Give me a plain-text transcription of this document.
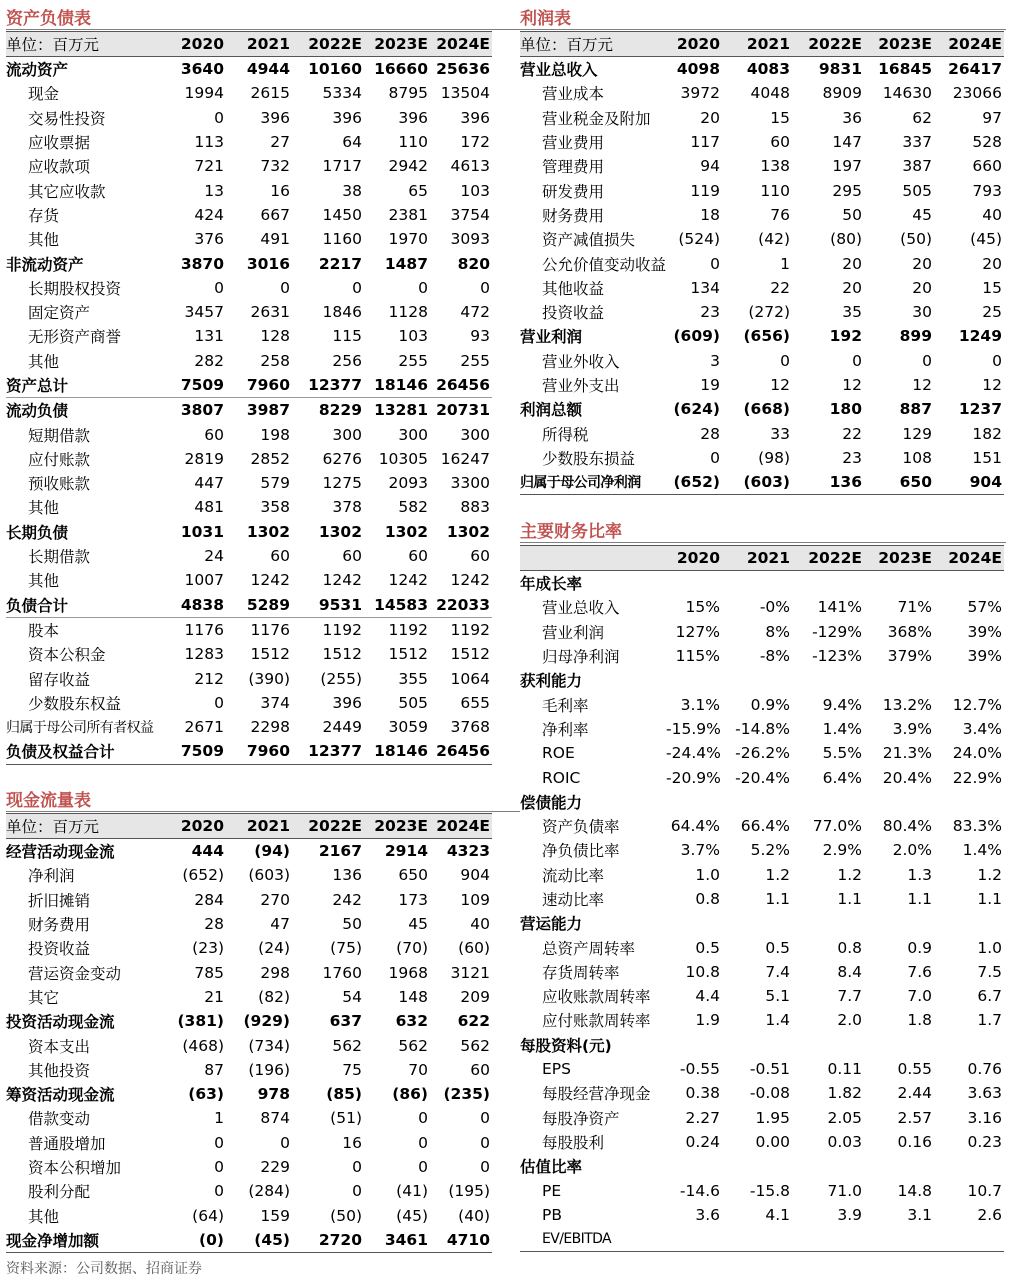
资产负债表
单位：百万元	2020	2021	2022E	2023E	2024E
流动资产	3640	4944	10160	16660	25636
现金	1994	2615	5334	8795	13504
交易性投资	0	396	396	396	396
应收票据	113	27	64	110	172
应收款项	721	732	1717	2942	4613
其它应收款	13	16	38	65	103
存货	424	667	1450	2381	3754
其他	376	491	1160	1970	3093
非流动资产	3870	3016	2217	1487	820
长期股权投资	0	0	0	0	0
固定资产	3457	2631	1846	1128	472
无形资产商誉	131	128	115	103	93
其他	282	258	256	255	255
资产总计	7509	7960	12377	18146	26456
流动负债	3807	3987	8229	13281	20731
短期借款	60	198	300	300	300
应付账款	2819	2852	6276	10305	16247
预收账款	447	579	1275	2093	3300
其他	481	358	378	582	883
长期负债	1031	1302	1302	1302	1302
长期借款	24	60	60	60	60
其他	1007	1242	1242	1242	1242
负债合计	4838	5289	9531	14583	22033
股本	1176	1176	1192	1192	1192
资本公积金	1283	1512	1512	1512	1512
留存收益	212	(390)	(255)	355	1064
少数股东权益	0	374	396	505	655
归属于母公司所有者权益	2671	2298	2449	3059	3768
负债及权益合计	7509	7960	12377	18146	26456
现金流量表
单位：百万元	2020	2021	2022E	2023E	2024E
经营活动现金流	444	(94)	2167	2914	4323
净利润	(652)	(603)	136	650	904
折旧摊销	284	270	242	173	109
财务费用	28	47	50	45	40
投资收益	(23)	(24)	(75)	(70)	(60)
营运资金变动	785	298	1760	1968	3121
其它	21	(82)	54	148	209
投资活动现金流	(381)	(929)	637	632	622
资本支出	(468)	(734)	562	562	562
其他投资	87	(196)	75	70	60
筹资活动现金流	(63)	978	(85)	(86)	(235)
借款变动	1	874	(51)	0	0
普通股增加	0	0	16	0	0
资本公积增加	0	229	0	0	0
股利分配	0	(284)	0	(41)	(195)
其他	(64)	159	(50)	(45)	(40)
现金净增加额	(0)	(45)	2720	3461	4710
利润表
单位：百万元	2020	2021	2022E	2023E	2024E
营业总收入	4098	4083	9831	16845	26417
营业成本	3972	4048	8909	14630	23066
营业税金及附加	20	15	36	62	97
营业费用	117	60	147	337	528
管理费用	94	138	197	387	660
研发费用	119	110	295	505	793
财务费用	18	76	50	45	40
资产减值损失	(524)	(42)	(80)	(50)	(45)
公允价值变动收益	0	1	20	20	20
其他收益	134	22	20	20	15
投资收益	23	(272)	35	30	25
营业利润	(609)	(656)	192	899	1249
营业外收入	3	0	0	0	0
营业外支出	19	12	12	12	12
利润总额	(624)	(668)	180	887	1237
所得税	28	33	22	129	182
少数股东损益	0	(98)	23	108	151
归属于母公司净利润	(652)	(603)	136	650	904
主要财务比率
	2020	2021	2022E	2023E	2024E
年成长率					
营业总收入	15%	-0%	141%	71%	57%
营业利润	127%	8%	-129%	368%	39%
归母净利润	115%	-8%	-123%	379%	39%
获利能力					
毛利率	3.1%	0.9%	9.4%	13.2%	12.7%
净利率	-15.9%	-14.8%	1.4%	3.9%	3.4%
ROE	-24.4%	-26.2%	5.5%	21.3%	24.0%
ROIC	-20.9%	-20.4%	6.4%	20.4%	22.9%
偿债能力					
资产负债率	64.4%	66.4%	77.0%	80.4%	83.3%
净负债比率	3.7%	5.2%	2.9%	2.0%	1.4%
流动比率	1.0	1.2	1.2	1.3	1.2
速动比率	0.8	1.1	1.1	1.1	1.1
营运能力					
总资产周转率	0.5	0.5	0.8	0.9	1.0
存货周转率	10.8	7.4	8.4	7.6	7.5
应收账款周转率	4.4	5.1	7.7	7.0	6.7
应付账款周转率	1.9	1.4	2.0	1.8	1.7
每股资料(元)					
EPS	-0.55	-0.51	0.11	0.55	0.76
每股经营净现金	0.38	-0.08	1.82	2.44	3.63
每股净资产	2.27	1.95	2.05	2.57	3.16
每股股利	0.24	0.00	0.03	0.16	0.23
估值比率					
PE	-14.6	-15.8	71.0	14.8	10.7
PB	3.6	4.1	3.9	3.1	2.6
EV/EBITDA					
资料来源：公司数据、招商证券
